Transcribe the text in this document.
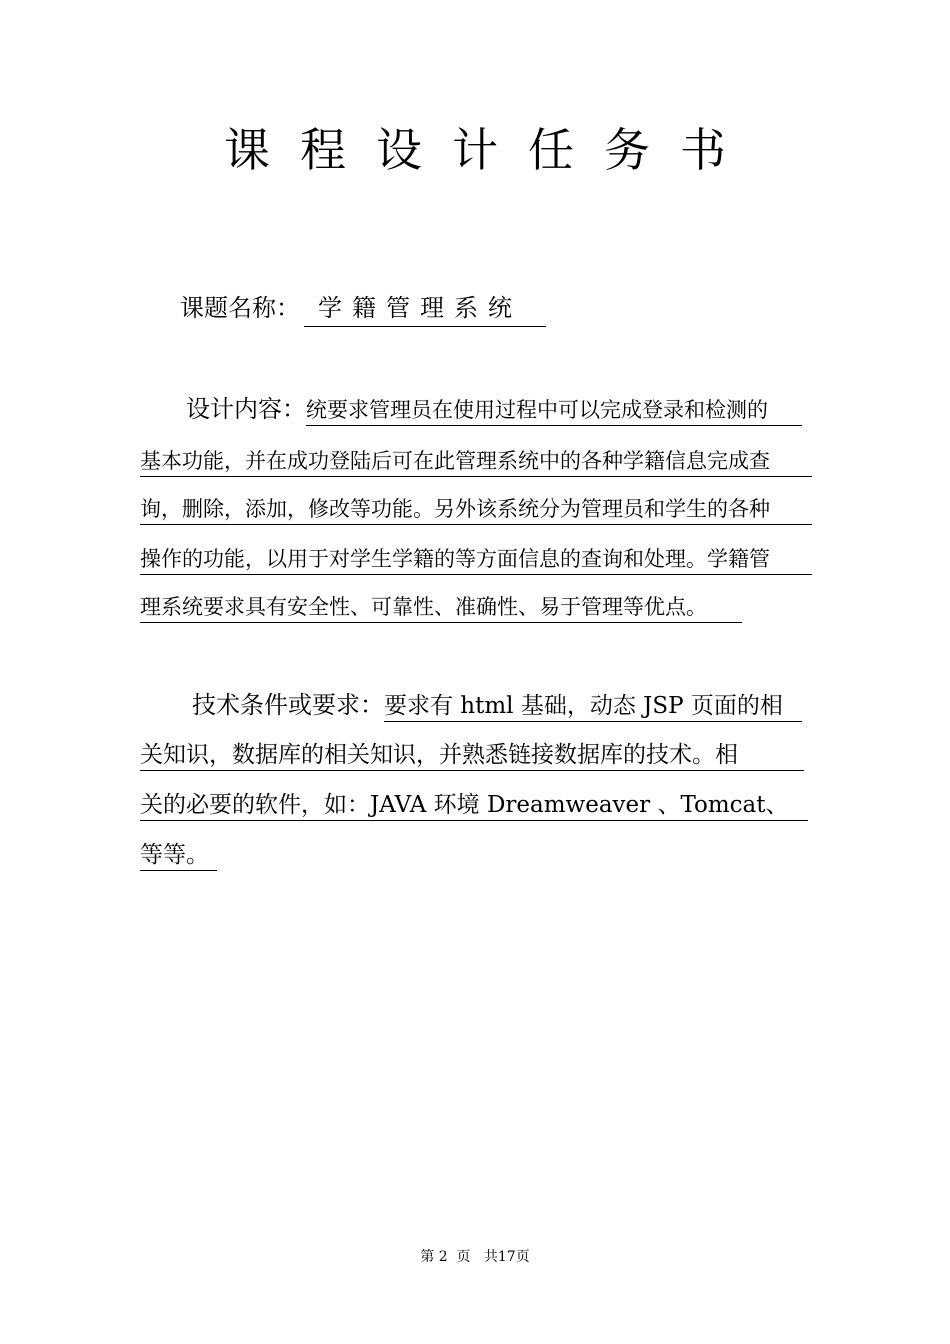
课程设计任务书
课题名称： 学籍管理系统
设计内容：统要求管理员在使用过程中可以完成登录和检测的
基本功能，并在成功登陆后可在此管理系统中的各种学籍信息完成查
询，删除，添加，修改等功能。另外该系统分为管理员和学生的各种
操作的功能，以用于对学生学籍的等方面信息的查询和处理。学籍管
理系统要求具有安全性、可靠性、准确性、易于管理等优点。
技术条件或要求：要求有 html 基础，动态 JSP 页面的相
关知识，数据库的相关知识，并熟悉链接数据库的技术。相
关的必要的软件，如：JAVA 环境 Dreamweaver 、Tomcat、
等等。
第 2  页   共17页
